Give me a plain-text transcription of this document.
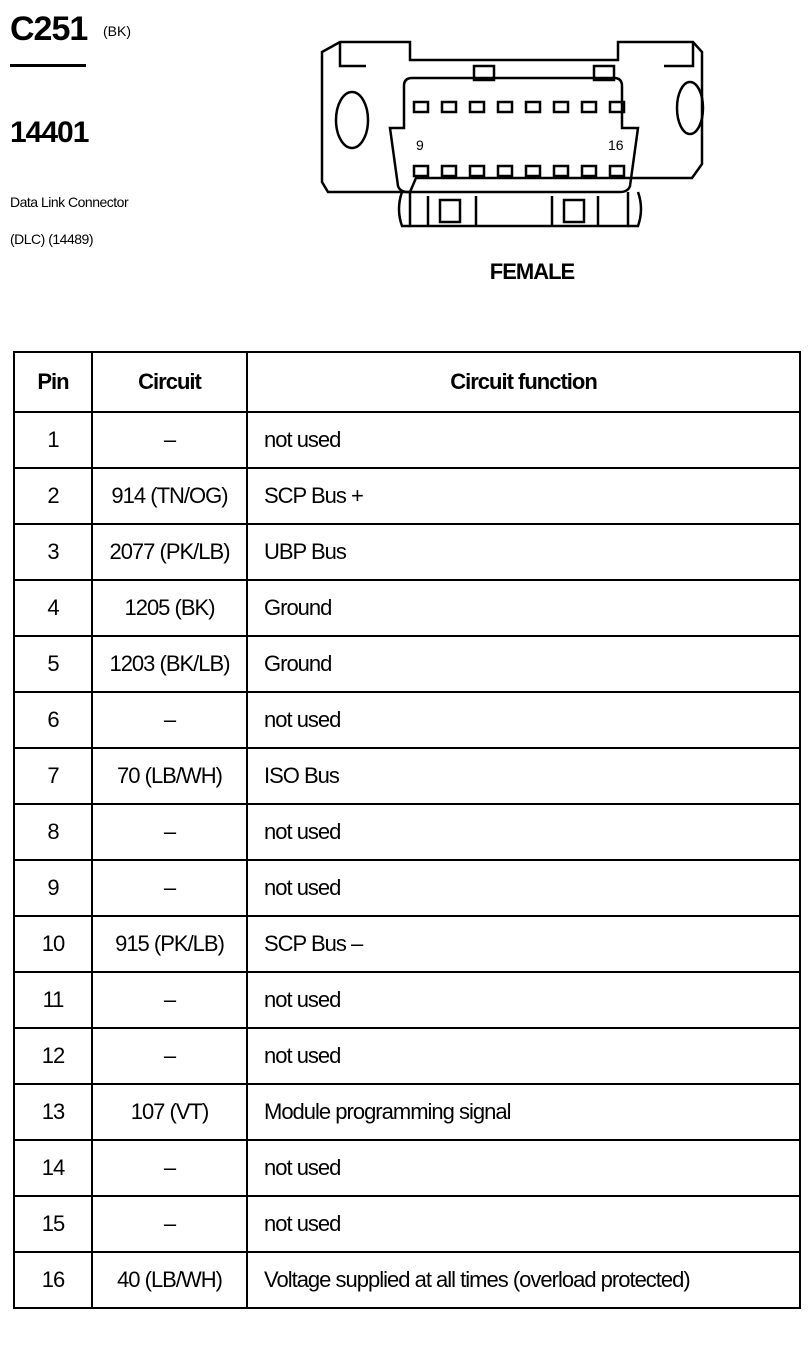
C251 (BK)
14401
Data Link Connector
(DLC) (14489)
9	16
FEMALE
Pin	Circuit	Circuit function
1	–	not used
2	914 (TN/OG)	SCP Bus +
3	2077 (PK/LB)	UBP Bus
4	1205 (BK)	Ground
5	1203 (BK/LB)	Ground
6	–	not used
7	70 (LB/WH)	ISO Bus
8	–	not used
9	–	not used
10	915 (PK/LB)	SCP Bus –
11	–	not used
12	–	not used
13	107 (VT)	Module programming signal
14	–	not used
15	–	not used
16	40 (LB/WH)	Voltage supplied at all times (overload protected)
